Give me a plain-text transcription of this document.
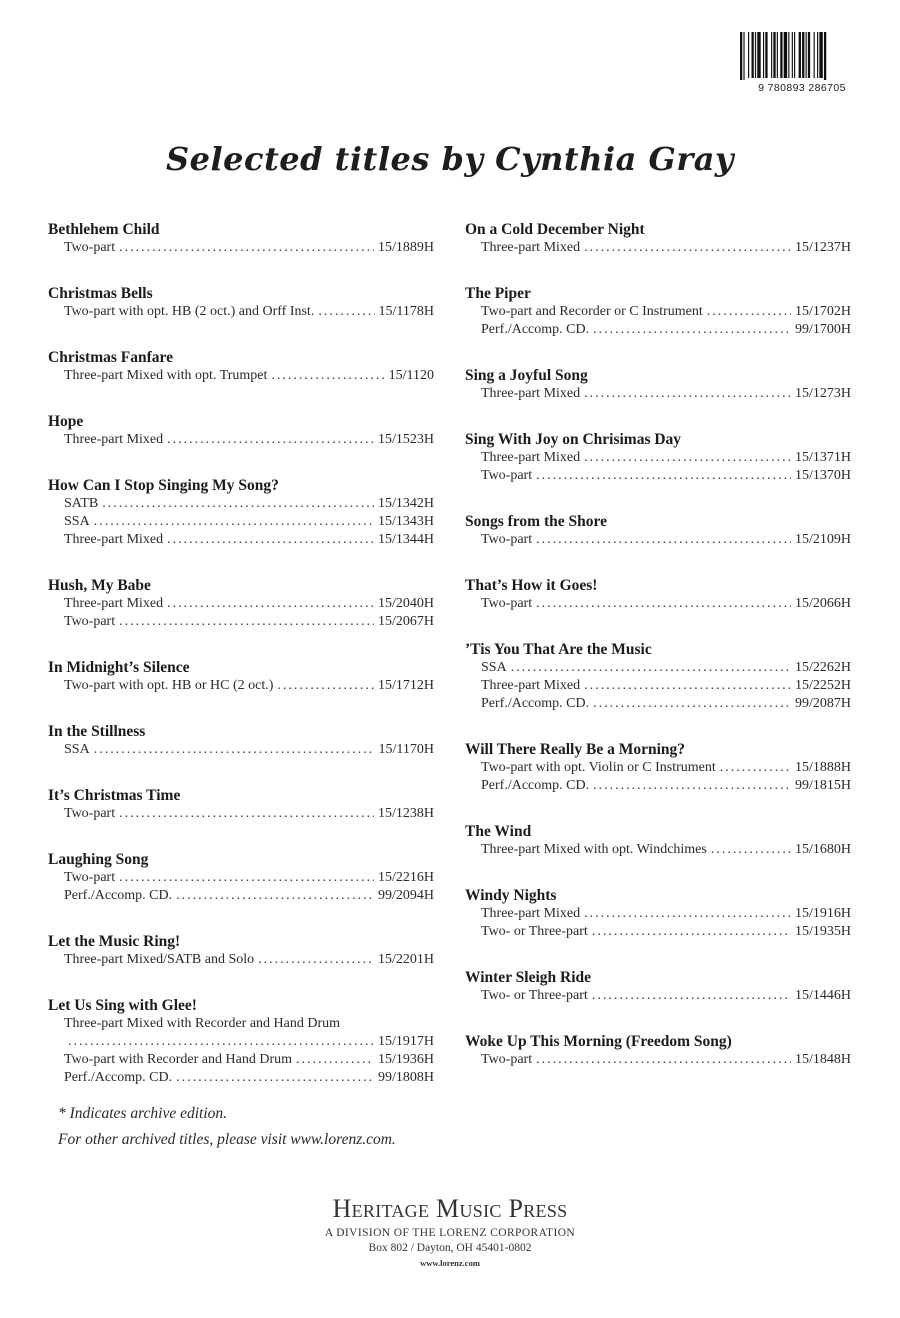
9 780893 286705
Selected titles by Cynthia Gray
Bethlehem Child
Two-part .....	15/1889H
Christmas Bells
Two-part with opt. HB (2 oct.) and Orff Inst. .....	15/1178H
Christmas Fanfare
Three-part Mixed with opt. Trumpet .....	15/1120
Hope
Three-part Mixed .....	15/1523H
How Can I Stop Singing My Song?
SATB .....	15/1342H
SSA .....	15/1343H
Three-part Mixed .....	15/1344H
Hush, My Babe
Three-part Mixed .....	15/2040H
Two-part .....	15/2067H
In Midnight’s Silence
Two-part with opt. HB or HC (2 oct.) .....	15/1712H
In the Stillness
SSA .....	15/1170H
It’s Christmas Time
Two-part .....	15/1238H
Laughing Song
Two-part .....	15/2216H
Perf./Accomp. CD. .....	99/2094H
Let the Music Ring!
Three-part Mixed/SATB and Solo .....	15/2201H
Let Us Sing with Glee!
Three-part Mixed with Recorder and Hand Drum
.....
15/1917H
Two-part with Recorder and Hand Drum .....	15/1936H
Perf./Accomp. CD. .....	99/1808H
On a Cold December Night
Three-part Mixed .....	15/1237H
The Piper
Two-part and Recorder or C Instrument .....	15/1702H
Perf./Accomp. CD. .....	99/1700H
Sing a Joyful Song
Three-part Mixed .....	15/1273H
Sing With Joy on Chrisimas Day
Three-part Mixed .....	15/1371H
Two-part .....	15/1370H
Songs from the Shore
Two-part .....	15/2109H
That’s How it Goes!
Two-part .....	15/2066H
’Tis You That Are the Music
SSA .....	15/2262H
Three-part Mixed .....	15/2252H
Perf./Accomp. CD. .....	99/2087H
Will There Really Be a Morning?
Two-part with opt. Violin or C Instrument .....	15/1888H
Perf./Accomp. CD. .....	99/1815H
The Wind
Three-part Mixed with opt. Windchimes .....	15/1680H
Windy Nights
Three-part Mixed .....	15/1916H
Two- or Three-part .....	15/1935H
Winter Sleigh Ride
Two- or Three-part .....	15/1446H
Woke Up This Morning (Freedom Song)
Two-part .....	15/1848H
* Indicates archive edition.
For other archived titles, please visit www.lorenz.com.
Heritage Music Press
A DIVISION OF THE LORENZ CORPORATION
Box 802 / Dayton, OH 45401-0802
www.lorenz.com
